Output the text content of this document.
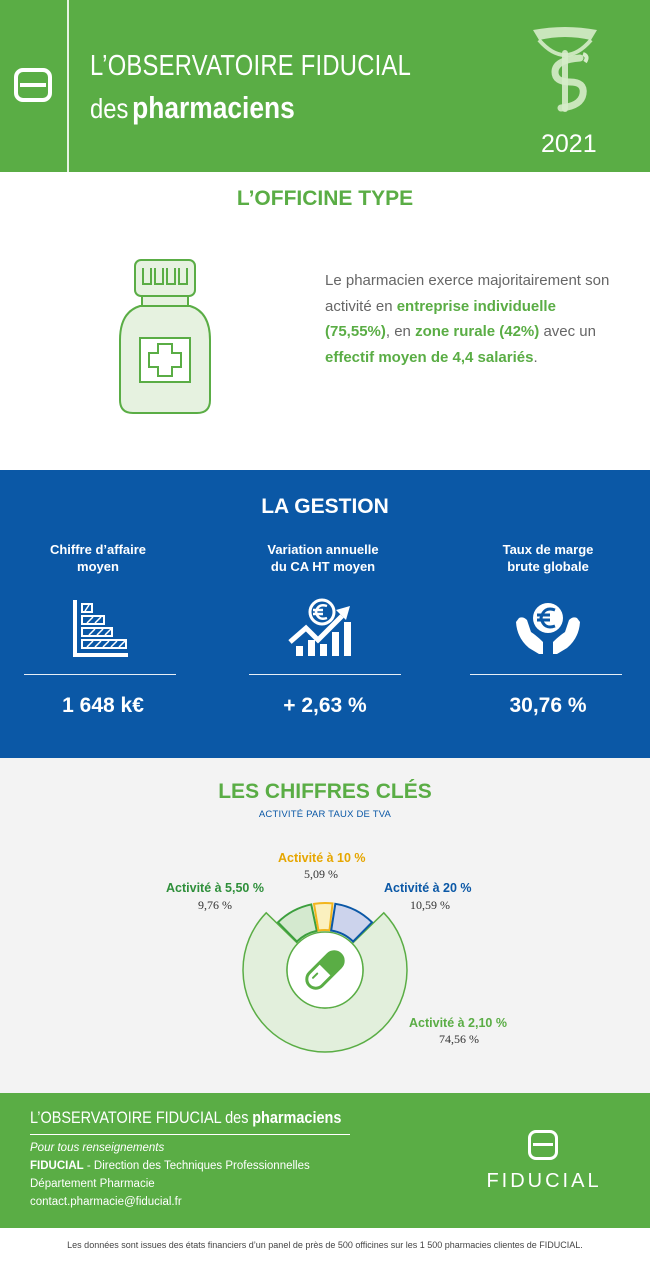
L’OBSERVATOIRE FIDUCIAL
des pharmaciens
2021
L’OFFICINE TYPE
Le pharmacien exerce majoritairement son activité en entreprise individuelle (75,55%), en zone rurale (42%) avec un effectif moyen de 4,4 salariés.
LA GESTION
Chiffre d’affaire
moyen
1 648 k€
Variation annuelle
du CA HT moyen
+ 2,63 %
Taux de marge
brute globale
30,76 %
LES CHIFFRES CLÉS
ACTIVITÉ PAR TAUX DE TVA
Activité à 10 %
5,09 %
Activité à 5,50 %
9,76 %
Activité à 20 %
10,59 %
Activité à 2,10 %
74,56 %
L’OBSERVATOIRE FIDUCIAL des pharmaciens
Pour tous renseignements
FIDUCIAL - Direction des Techniques Professionnelles
Département Pharmacie
contact.pharmacie@fiducial.fr
FIDUCIAL
Les données sont issues des états financiers d’un panel de près de 500 officines sur les 1 500 pharmacies clientes de FIDUCIAL.
